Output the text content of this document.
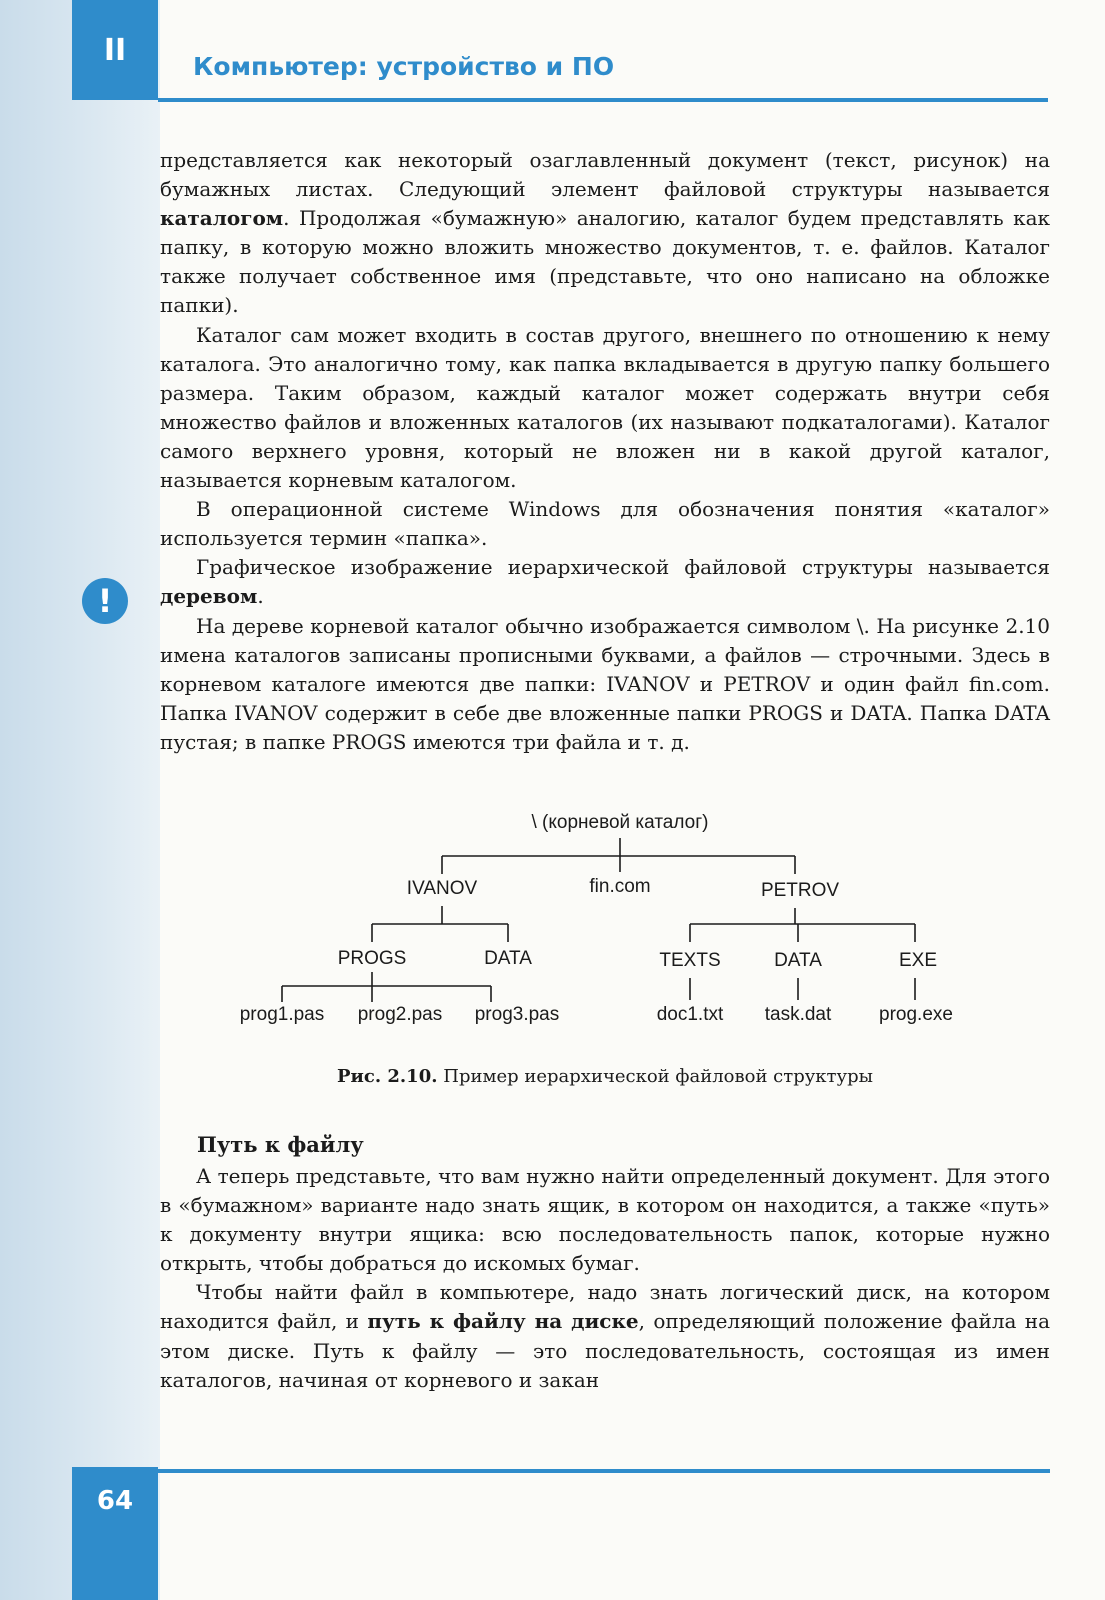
II	Компьютер: устройство и ПО

представляется как некоторый озаглавленный документ (текст, рисунок) на бумажных листах. Следующий элемент файловой структуры называется каталогом. Продолжая «бумажную» аналогию, каталог будем представлять как папку, в которую можно вложить множество документов, т. е. файлов. Каталог также получает собственное имя (представьте, что оно написано на обложке папки).

Каталог сам может входить в состав другого, внешнего по отношению к нему каталога. Это аналогично тому, как папка вкладывается в другую папку большего размера. Таким образом, каждый каталог может содержать внутри себя множество файлов и вложенных каталогов (их называют подкаталогами). Каталог самого верхнего уровня, который не вложен ни в какой другой каталог, называется корневым каталогом.

В операционной системе Windows для обозначения понятия «каталог» используется термин «папка».

Графическое изображение иерархической файловой структуры называется деревом.

На дереве корневой каталог обычно изображается символом \. На рисунке 2.10 имена каталогов записаны прописными буквами, а файлов — строчными. Здесь в корневом каталоге имеются две папки: IVANOV и PETROV и один файл fin.com. Папка IVANOV содержит в себе две вложенные папки PROGS и DATA. Папка DATA пустая; в папке PROGS имеются три файла и т. д.

!
\ (корневой каталог)
IVANOV	fin.com	PETROV
PROGS	DATA	TEXTS	DATA	EXE
prog1.pas prog2.pas prog3.pas	doc1.txt task.dat	prog.exe
Рис. 2.10. Пример иерархической файловой структуры
Путь к файлу

А теперь представьте, что вам нужно найти определенный документ. Для этого в «бумажном» варианте надо знать ящик, в котором он находится, а также «путь» к документу внутри ящика: всю последовательность папок, которые нужно открыть, чтобы добраться до искомых бумаг.

Чтобы найти файл в компьютере, надо знать логический диск, на котором находится файл, и путь к файлу на диске, определяющий положение файла на этом диске. Путь к файлу — это последовательность, состоящая из имен каталогов, начиная от корневого и закан

64
